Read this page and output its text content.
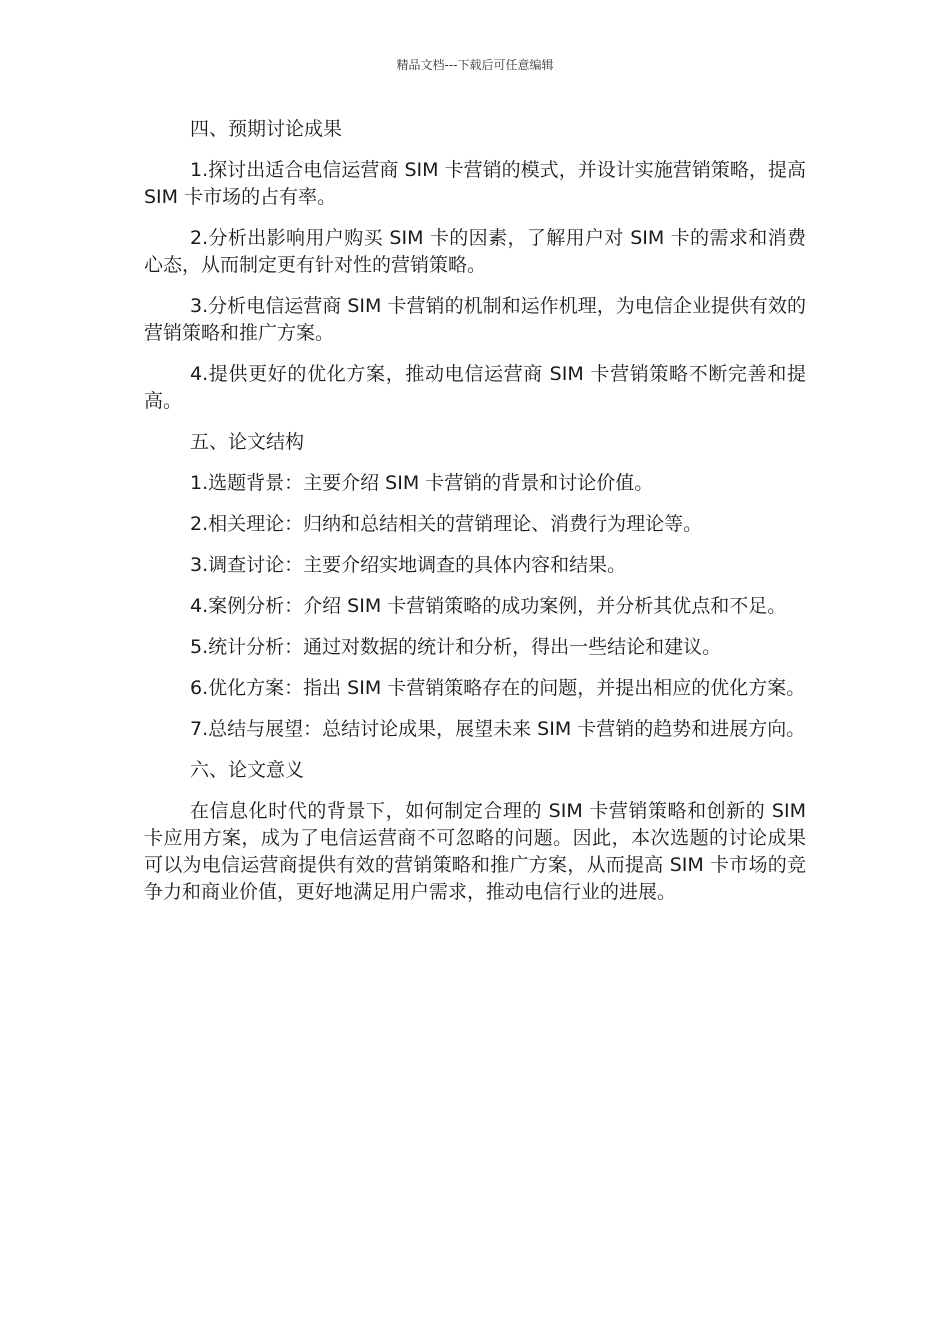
精品文档---下载后可任意编辑

四、预期讨论成果

1.探讨出适合电信运营商 SIM 卡营销的模式，并设计实施营销策略，提高 SIM 卡市场的占有率。

2.分析出影响用户购买 SIM 卡的因素，了解用户对 SIM 卡的需求和消费心态，从而制定更有针对性的营销策略。

3.分析电信运营商 SIM 卡营销的机制和运作机理，为电信企业提供有效的营销策略和推广方案。

4.提供更好的优化方案，推动电信运营商 SIM 卡营销策略不断完善和提高。

五、论文结构

1.选题背景：主要介绍 SIM 卡营销的背景和讨论价值。

2.相关理论：归纳和总结相关的营销理论、消费行为理论等。

3.调查讨论：主要介绍实地调查的具体内容和结果。

4.案例分析：介绍 SIM 卡营销策略的成功案例，并分析其优点和不足。

5.统计分析：通过对数据的统计和分析，得出一些结论和建议。

6.优化方案：指出 SIM 卡营销策略存在的问题，并提出相应的优化方案。

7.总结与展望：总结讨论成果，展望未来 SIM 卡营销的趋势和进展方向。

六、论文意义

在信息化时代的背景下，如何制定合理的 SIM 卡营销策略和创新的 SIM 卡应用方案，成为了电信运营商不可忽略的问题。因此，本次选题的讨论成果可以为电信运营商提供有效的营销策略和推广方案，从而提高 SIM 卡市场的竞争力和商业价值，更好地满足用户需求，推动电信行业的进展。
